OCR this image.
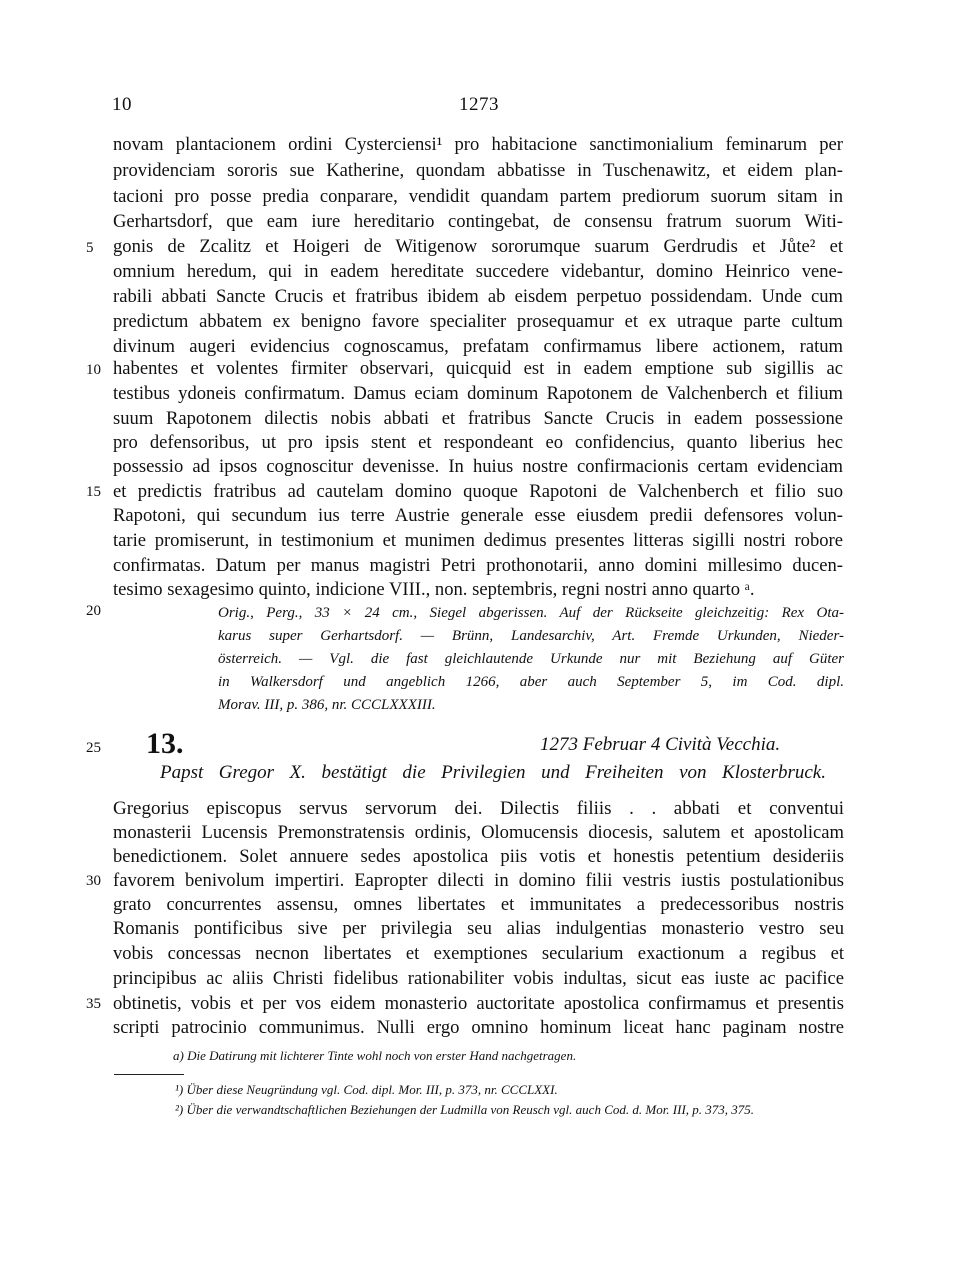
10	1273
novam plantacionem ordini Cysterciensi¹ pro habitacione sanctimonialium feminarum per
providenciam sororis sue Katherine, quondam abbatisse in Tuschenawitz, et eidem plan-
tacioni pro posse predia conparare, vendidit quandam partem prediorum suorum sitam in
Gerhartsdorf, que eam iure hereditario contingebat, de consensu fratrum suorum Witi-
gonis de Zcalitz et Hoigeri de Witigenow sororumque suarum Gerdrudis et Jůte² et
omnium heredum, qui in eadem hereditate succedere videbantur, domino Heinrico vene-
rabili abbati Sancte Crucis et fratribus ibidem ab eisdem perpetuo possidendam. Unde cum
predictum abbatem ex benigno favore specialiter prosequamur et ex utraque parte cultum
divinum augeri evidencius cognoscamus, prefatam confirmamus libere actionem, ratum
habentes et volentes firmiter observari, quicquid est in eadem emptione sub sigillis ac
testibus ydoneis confirmatum. Damus eciam dominum Rapotonem de Valchenberch et filium
suum Rapotonem dilectis nobis abbati et fratribus Sancte Crucis in eadem possessione
pro defensoribus, ut pro ipsis stent et respondeant eo confidencius, quanto liberius hec
possessio ad ipsos cognoscitur devenisse. In huius nostre confirmacionis certam evidenciam
et predictis fratribus ad cautelam domino quoque Rapotoni de Valchenberch et filio suo
Rapotoni, qui secundum ius terre Austrie generale esse eiusdem predii defensores volun-
tarie promiserunt, in testimonium et munimen dedimus presentes litteras sigilli nostri robore
confirmatas. Datum per manus magistri Petri prothonotarii, anno domini millesimo ducen-
tesimo sexagesimo quinto, indicione VIII., non. septembris, regni nostri anno quarto ᵃ.
5
10
15
20
25
30
35
Orig., Perg., 33 × 24 cm., Siegel abgerissen. Auf der Rückseite gleichzeitig: Rex Ota-
karus super Gerhartsdorf. — Brünn, Landesarchiv, Art. Fremde Urkunden, Nieder-
österreich. — Vgl. die fast gleichlautende Urkunde nur mit Beziehung auf Güter
in Walkersdorf und angeblich 1266, aber auch September 5, im Cod. dipl.
Morav. III, p. 386, nr. CCCLXXXIII.
13.	1273 Februar 4 Cività Vecchia.
Papst Gregor X. bestätigt die Privilegien und Freiheiten von Klosterbruck.
Gregorius episcopus servus servorum dei. Dilectis filiis . . abbati et conventui
monasterii Lucensis Premonstratensis ordinis, Olomucensis diocesis, salutem et apostolicam
benedictionem. Solet annuere sedes apostolica piis votis et honestis petentium desideriis
favorem benivolum impertiri. Eapropter dilecti in domino filii vestris iustis postulationibus
grato concurrentes assensu, omnes libertates et immunitates a predecessoribus nostris
Romanis pontificibus sive per privilegia seu alias indulgentias monasterio vestro seu
vobis concessas necnon libertates et exemptiones secularium exactionum a regibus et
principibus ac aliis Christi fidelibus rationabiliter vobis indultas, sicut eas iuste ac pacifice
obtinetis, vobis et per vos eidem monasterio auctoritate apostolica confirmamus et presentis
scripti patrocinio communimus. Nulli ergo omnino hominum liceat hanc paginam nostre
a) Die Datirung mit lichterer Tinte wohl noch von erster Hand nachgetragen.
¹) Über diese Neugründung vgl. Cod. dipl. Mor. III, p. 373, nr. CCCLXXI.
²) Über die verwandtschaftlichen Beziehungen der Ludmilla von Reusch vgl. auch Cod. d. Mor. III, p. 373, 375.
